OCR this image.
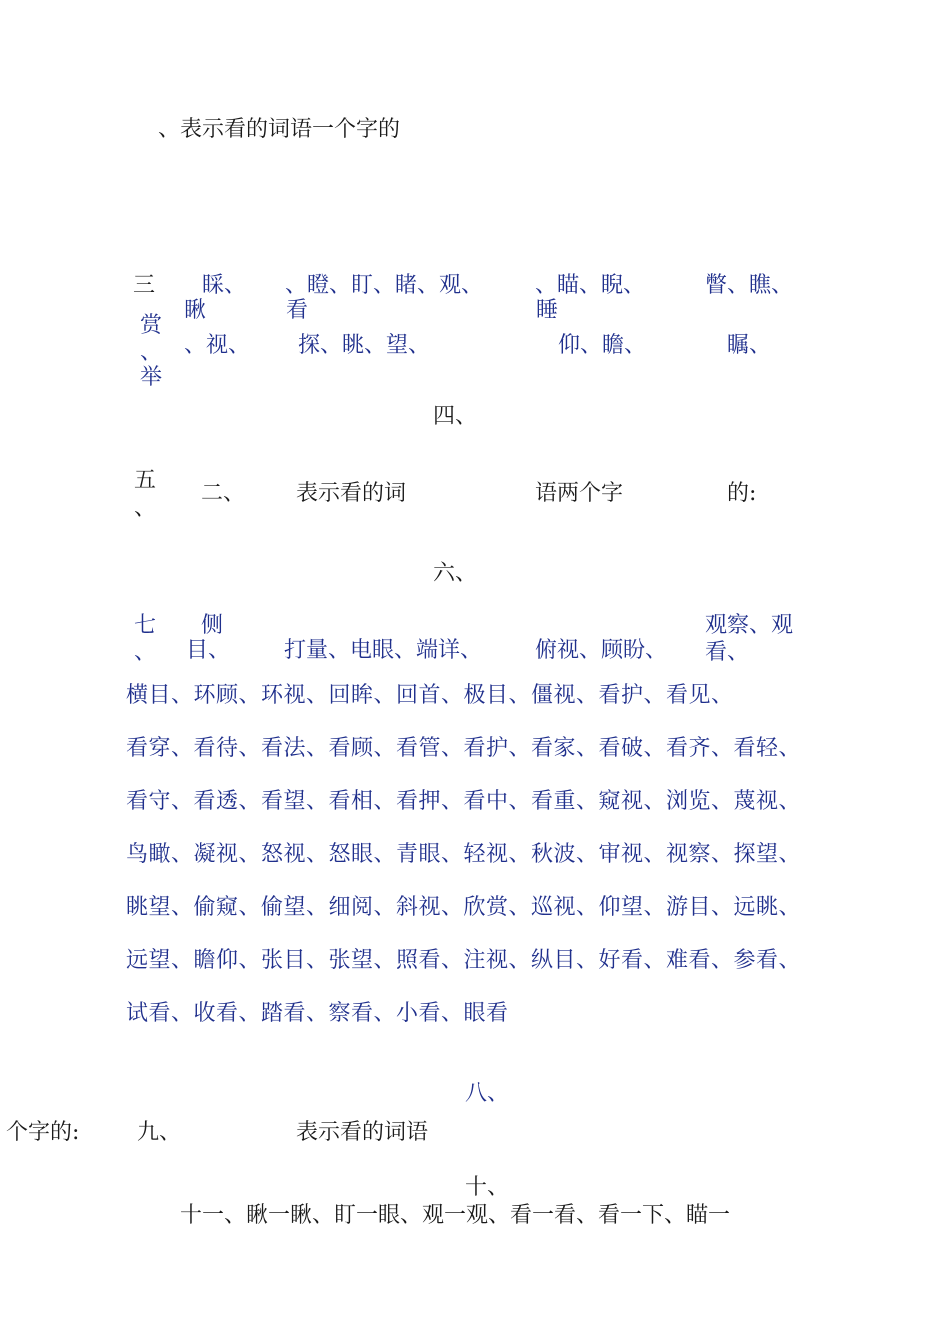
、表示看的词语一个字的
三 睬、
瞅	看
、瞪、盯、睹、观、 、瞄、睨、
睡
瞥、瞧、
赏
、
举
、视、 探、眺、望、	仰、瞻、	瞩、
四、
五
、
二、 表示看的词	语两个字	的:
六、
七
、
侧
目、 打量、电眼、端详、 俯视、顾盼、
观察、观
看、
横目、环顾、环视、回眸、回首、极目、僵视、看护、看见、
看穿、看待、看法、看顾、看管、看护、看家、看破、看齐、看轻、
看守、看透、看望、看相、看押、看中、看重、窥视、浏览、蔑视、
鸟瞰、凝视、怒视、怒眼、青眼、轻视、秋波、审视、视察、探望、
眺望、偷窥、偷望、细阅、斜视、欣赏、巡视、仰望、游目、远眺、
远望、瞻仰、张目、张望、照看、注视、纵目、好看、难看、参看、
试看、收看、踏看、察看、小看、眼看
八、
个字的:	九、	表示看的词语
十、
十一、瞅一瞅、盯一眼、观一观、看一看、看一下、瞄一
